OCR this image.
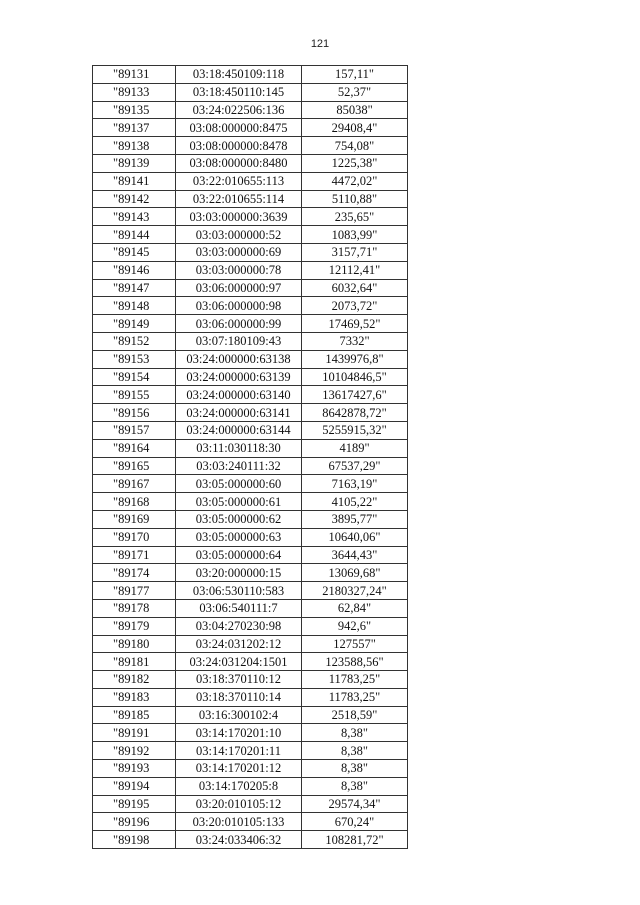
121
"89131	03:18:450109:118	157,11"
"89133	03:18:450110:145	52,37"
"89135	03:24:022506:136	85038"
"89137	03:08:000000:8475	29408,4"
"89138	03:08:000000:8478	754,08"
"89139	03:08:000000:8480	1225,38"
"89141	03:22:010655:113	4472,02"
"89142	03:22:010655:114	5110,88"
"89143	03:03:000000:3639	235,65"
"89144	03:03:000000:52	1083,99"
"89145	03:03:000000:69	3157,71"
"89146	03:03:000000:78	12112,41"
"89147	03:06:000000:97	6032,64"
"89148	03:06:000000:98	2073,72"
"89149	03:06:000000:99	17469,52"
"89152	03:07:180109:43	7332"
"89153	03:24:000000:63138	1439976,8"
"89154	03:24:000000:63139	10104846,5"
"89155	03:24:000000:63140	13617427,6"
"89156	03:24:000000:63141	8642878,72"
"89157	03:24:000000:63144	5255915,32"
"89164	03:11:030118:30	4189"
"89165	03:03:240111:32	67537,29"
"89167	03:05:000000:60	7163,19"
"89168	03:05:000000:61	4105,22"
"89169	03:05:000000:62	3895,77"
"89170	03:05:000000:63	10640,06"
"89171	03:05:000000:64	3644,43"
"89174	03:20:000000:15	13069,68"
"89177	03:06:530110:583	2180327,24"
"89178	03:06:540111:7	62,84"
"89179	03:04:270230:98	942,6"
"89180	03:24:031202:12	127557"
"89181	03:24:031204:1501	123588,56"
"89182	03:18:370110:12	11783,25"
"89183	03:18:370110:14	11783,25"
"89185	03:16:300102:4	2518,59"
"89191	03:14:170201:10	8,38"
"89192	03:14:170201:11	8,38"
"89193	03:14:170201:12	8,38"
"89194	03:14:170205:8	8,38"
"89195	03:20:010105:12	29574,34"
"89196	03:20:010105:133	670,24"
"89198	03:24:033406:32	108281,72"
